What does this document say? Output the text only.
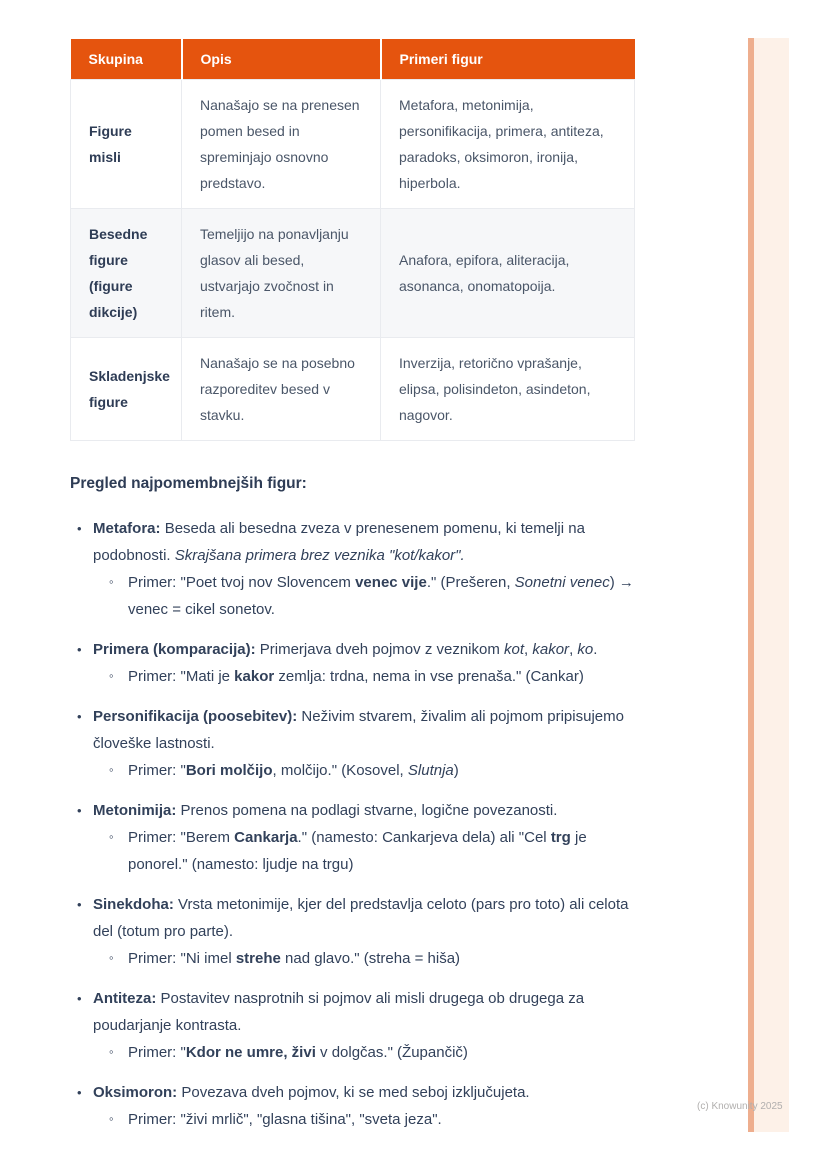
Skupina	Opis	Primeri figur
Figure misli	Nanašajo se na prenesen pomen besed in spreminjajo osnovno predstavo.	Metafora, metonimija, personifikacija, primera, antiteza, paradoks, oksimoron, ironija, hiperbola.
Besedne figure (figure dikcije)	Temeljijo na ponavljanju glasov ali besed, ustvarjajo zvočnost in ritem.	Anafora, epifora, aliteracija, asonanca, onomatopoija.
Skladenjske figure	Nanašajo se na posebno razporeditev besed v stavku.	Inverzija, retorično vprašanje, elipsa, polisindeton, asindeton, nagovor.
Pregled najpomembnejših figur:
• Metafora: Beseda ali besedna zveza v prenesenem pomenu, ki temelji na podobnosti. Skrajšana primera brez veznika "kot/kakor".
◦ Primer: "Poet tvoj nov Slovencem venec vije." (Prešeren, Sonetni venec) → venec = cikel sonetov.
• Primera (komparacija): Primerjava dveh pojmov z veznikom kot, kakor, ko.
◦ Primer: "Mati je kakor zemlja: trdna, nema in vse prenaša." (Cankar)
• Personifikacija (poosebitev): Neživim stvarem, živalim ali pojmom pripisujemo človeške lastnosti.
◦ Primer: "Bori molčijo, molčijo." (Kosovel, Slutnja)
• Metonimija: Prenos pomena na podlagi stvarne, logične povezanosti.
◦ Primer: "Berem Cankarja." (namesto: Cankarjeva dela) ali "Cel trg je ponorel." (namesto: ljudje na trgu)
• Sinekdoha: Vrsta metonimije, kjer del predstavlja celoto (pars pro toto) ali celota del (totum pro parte).
◦ Primer: "Ni imel strehe nad glavo." (streha = hiša)
• Antiteza: Postavitev nasprotnih si pojmov ali misli drugega ob drugega za poudarjanje kontrasta.
◦ Primer: "Kdor ne umre, živi v dolgčas." (Župančič)
• Oksimoron: Povezava dveh pojmov, ki se med seboj izključujeta.
◦ Primer: "živi mrlič", "glasna tišina", "sveta jeza".
(c) Knowunity 2025
